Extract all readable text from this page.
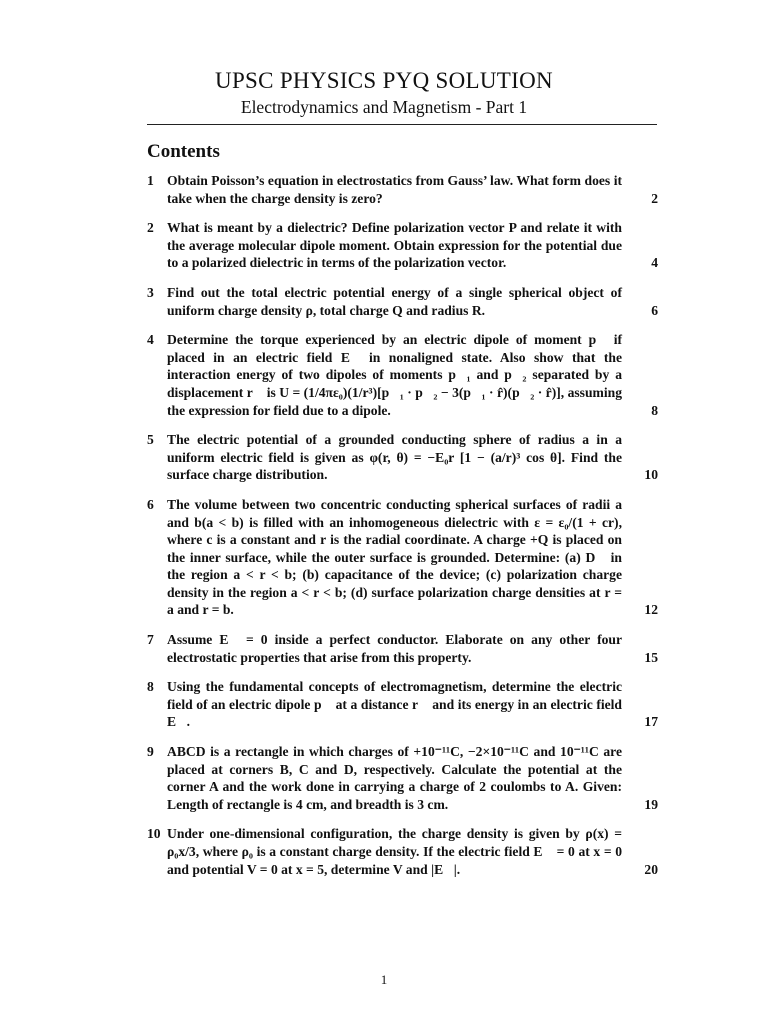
UPSC PHYSICS PYQ SOLUTION
Electrodynamics and Magnetism - Part 1
Contents
1 Obtain Poisson’s equation in electrostatics from Gauss’ law. What form does it take when the charge density is zero?	2
2 What is meant by a dielectric? Define polarization vector P and relate it with the average molecular dipole moment. Obtain expression for the potential due to a polarized dielectric in terms of the polarization vector.	4
3 Find out the total electric potential energy of a single spherical object of uniform charge density ρ, total charge Q and radius R.	6
4 Determine the torque experienced by an electric dipole of moment p⃗ if placed in an electric field E⃗ in nonaligned state. Also show that the interaction energy of two dipoles of moments p⃗₁ and p⃗₂ separated by a displacement r⃗ is U = (1/4πε₀)(1/r³)[p⃗₁ · p⃗₂ − 3(p⃗₁ · r̂)(p⃗₂ · r̂)], assuming the expression for field due to a dipole.	8
5 The electric potential of a grounded conducting sphere of radius a in a uniform electric field is given as φ(r, θ) = −E₀r [1 − (a/r)³ cos θ]. Find the surface charge distribution.	10
6 The volume between two concentric conducting spherical surfaces of radii a and b(a < b) is filled with an inhomogeneous dielectric with ε = ε₀/(1 + cr), where c is a constant and r is the radial coordinate. A charge +Q is placed on the inner surface, while the outer surface is grounded. Determine: (a) D⃗ in the region a < r < b; (b) capacitance of the device; (c) polarization charge density in the region a < r < b; (d) surface polarization charge densities at r = a and r = b.	12
7 Assume E⃗ = 0 inside a perfect conductor. Elaborate on any other four electrostatic properties that arise from this property.	15
8 Using the fundamental concepts of electromagnetism, determine the electric field of an electric dipole p⃗ at a distance r⃗ and its energy in an electric field E⃗.	17
9 ABCD is a rectangle in which charges of +10⁻¹¹C, −2×10⁻¹¹C and 10⁻¹¹C are placed at corners B, C and D, respectively. Calculate the potential at the corner A and the work done in carrying a charge of 2 coulombs to A. Given: Length of rectangle is 4 cm, and breadth is 3 cm.	19
10 Under one-dimensional configuration, the charge density is given by ρ(x) = ρ₀x/3, where ρ₀ is a constant charge density. If the electric field E⃗ = 0 at x = 0 and potential V = 0 at x = 5, determine V and |E⃗|.	20
1
